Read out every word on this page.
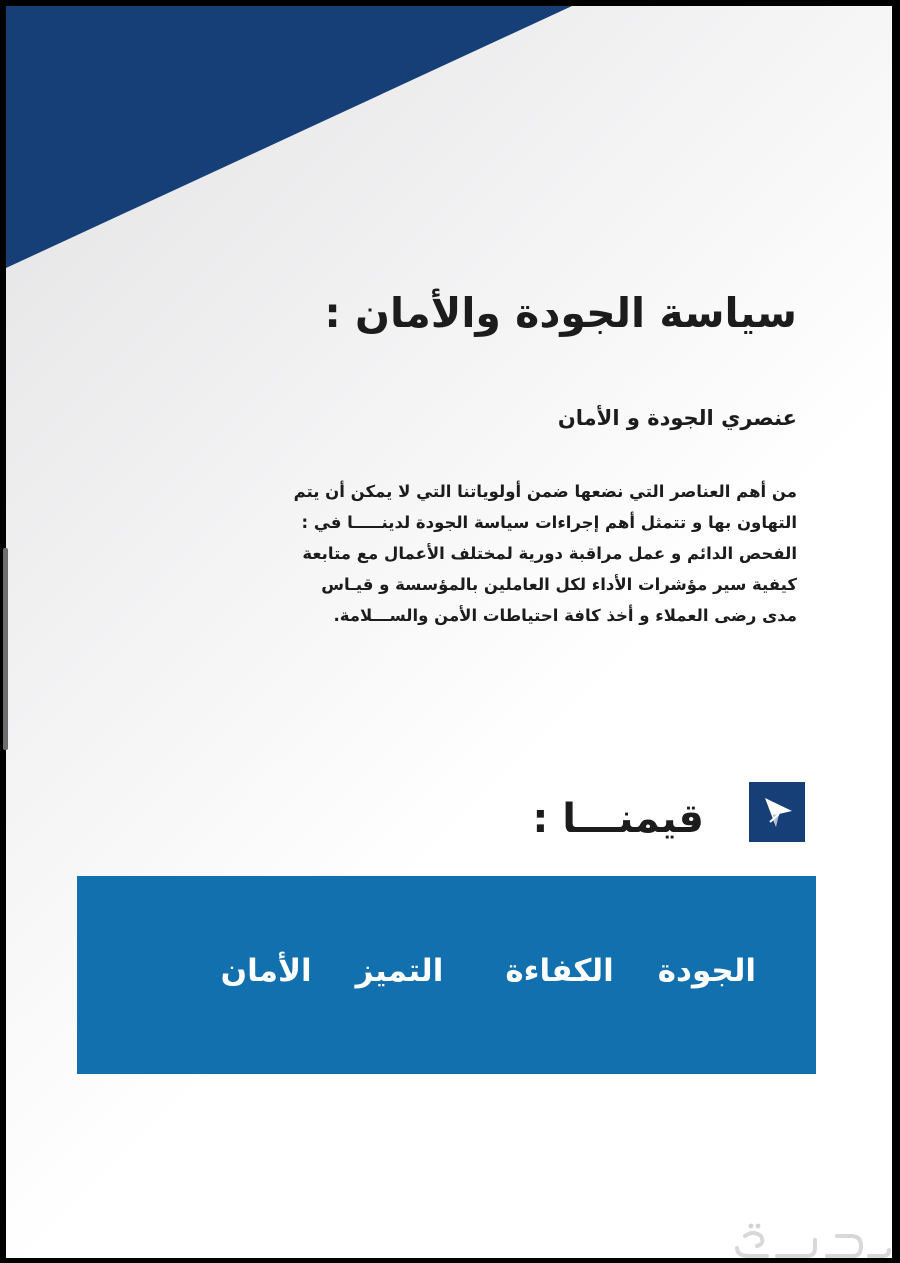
سياسة الجودة والأمان :
عنصري الجودة و الأمان

من أهم العناصر التي نضعها ضمن أولوياتنا التي لا يمكن أن يتم
التهاون بها و تتمثل أهم إجراءات سياسة الجودة لدينـــــا في :
الفحص الدائم و عمل مراقبة دورية لمختلف الأعمال مع متابعة
كيفية سير مؤشرات الأداء لكل العاملين بالمؤسسة و قيـاس
مدى رضى العملاء و أخذ كافة احتياطات الأمن والســـلامة.

قيمنـــا :
الجودة
الكفاءة
التميز
الأمان
